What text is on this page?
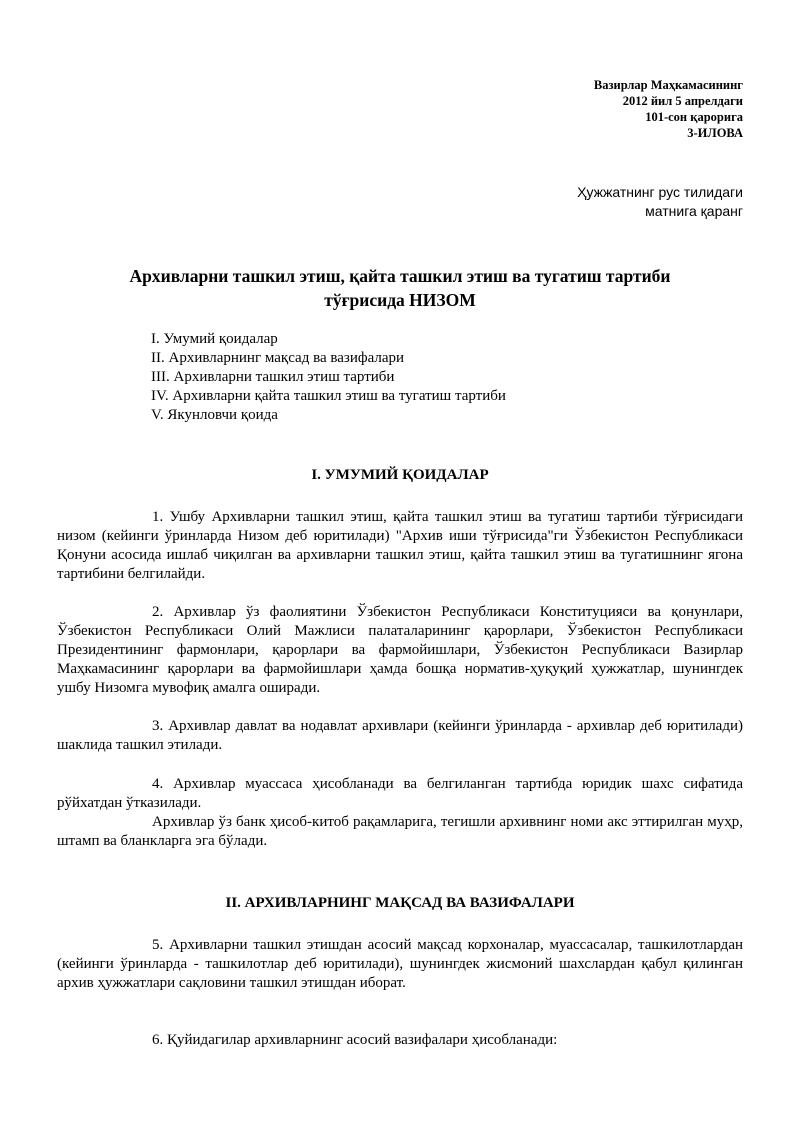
Вазирлар Маҳкамасининг
2012 йил 5 апрелдаги
101-сон қарорига
3-ИЛОВА
Ҳужжатнинг рус тилидаги
матнига қаранг
Архивларни ташкил этиш, қайта ташкил этиш ва тугатиш тартиби
тўғрисида НИЗОМ
I. Умумий қоидалар
II. Архивларнинг мақсад ва вазифалари
III. Архивларни ташкил этиш тартиби
IV. Архивларни қайта ташкил этиш ва тугатиш тартиби
V. Якунловчи қоида
I. УМУМИЙ ҚОИДАЛАР

1. Ушбу Архивларни ташкил этиш, қайта ташкил этиш ва тугатиш тартиби тўғрисидаги низом (кейинги ўринларда Низом деб юритилади) "Архив иши тўғрисида"ги Ўзбекистон Республикаси Қонуни асосида ишлаб чиқилган ва архивларни ташкил этиш, қайта ташкил этиш ва тугатишнинг ягона тартибини белгилайди.

2. Архивлар ўз фаолиятини Ўзбекистон Республикаси Конституцияси ва қонунлари, Ўзбекистон Республикаси Олий Мажлиси палаталарининг қарорлари, Ўзбекистон Республикаси Президентининг фармонлари, қарорлари ва фармойишлари, Ўзбекистон Республикаси Вазирлар Маҳкамасининг қарорлари ва фармойишлари ҳамда бошқа норматив-ҳуқуқий ҳужжатлар, шунингдек ушбу Низомга мувофиқ амалга оширади.

3. Архивлар давлат ва нодавлат архивлари (кейинги ўринларда - архивлар деб юритилади) шаклида ташкил этилади.

4. Архивлар муассаса ҳисобланади ва белгиланган тартибда юридик шахс сифатида рўйхатдан ўтказилади.

Архивлар ўз банк ҳисоб-китоб рақамларига, тегишли архивнинг номи акс эттирилган муҳр, штамп ва бланкларга эга бўлади.

II. АРХИВЛАРНИНГ МАҚСАД ВА ВАЗИФАЛАРИ

5. Архивларни ташкил этишдан асосий мақсад корхоналар, муассасалар, ташкилотлардан (кейинги ўринларда - ташкилотлар деб юритилади), шунингдек жисмоний шахслардан қабул қилинган архив ҳужжатлари сақловини ташкил этишдан иборат.

6. Қуйидагилар архивларнинг асосий вазифалари ҳисобланади:
